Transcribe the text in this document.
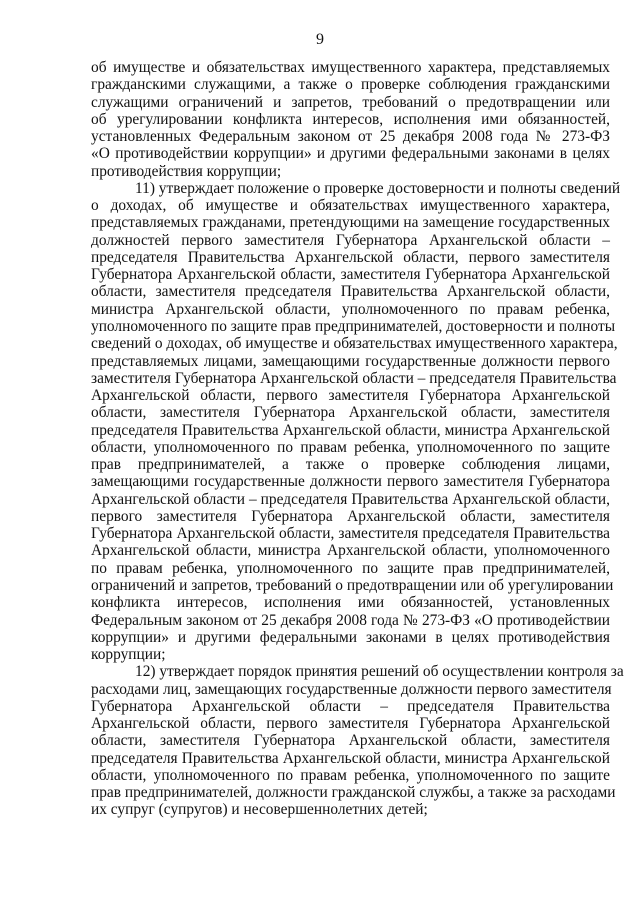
9
об имуществе и обязательствах имущественного характера, представляемых
гражданскими служащими, а также о проверке соблюдения гражданскими
служащими ограничений и запретов, требований о предотвращении или
об урегулировании конфликта интересов, исполнения ими обязанностей,
установленных Федеральным законом от 25 декабря 2008 года № 273-ФЗ
«О противодействии коррупции» и другими федеральными законами в целях
противодействия коррупции;
11) утверждает положение о проверке достоверности и полноты сведений
о доходах, об имуществе и обязательствах имущественного характера,
представляемых гражданами, претендующими на замещение государственных
должностей первого заместителя Губернатора Архангельской области –
председателя Правительства Архангельской области, первого заместителя
Губернатора Архангельской области, заместителя Губернатора Архангельской
области, заместителя председателя Правительства Архангельской области,
министра Архангельской области, уполномоченного по правам ребенка,
уполномоченного по защите прав предпринимателей, достоверности и полноты
сведений о доходах, об имуществе и обязательствах имущественного характера,
представляемых лицами, замещающими государственные должности первого
заместителя Губернатора Архангельской области – председателя Правительства
Архангельской области, первого заместителя Губернатора Архангельской
области, заместителя Губернатора Архангельской области, заместителя
председателя Правительства Архангельской области, министра Архангельской
области, уполномоченного по правам ребенка, уполномоченного по защите
прав предпринимателей, а также о проверке соблюдения лицами,
замещающими государственные должности первого заместителя Губернатора
Архангельской области – председателя Правительства Архангельской области,
первого заместителя Губернатора Архангельской области, заместителя
Губернатора Архангельской области, заместителя председателя Правительства
Архангельской области, министра Архангельской области, уполномоченного
по правам ребенка, уполномоченного по защите прав предпринимателей,
ограничений и запретов, требований о предотвращении или об урегулировании
конфликта интересов, исполнения ими обязанностей, установленных
Федеральным законом от 25 декабря 2008 года № 273-ФЗ «О противодействии
коррупции» и другими федеральными законами в целях противодействия
коррупции;
12) утверждает порядок принятия решений об осуществлении контроля за
расходами лиц, замещающих государственные должности первого заместителя
Губернатора Архангельской области – председателя Правительства
Архангельской области, первого заместителя Губернатора Архангельской
области, заместителя Губернатора Архангельской области, заместителя
председателя Правительства Архангельской области, министра Архангельской
области, уполномоченного по правам ребенка, уполномоченного по защите
прав предпринимателей, должности гражданской службы, а также за расходами
их супруг (супругов) и несовершеннолетних детей;
